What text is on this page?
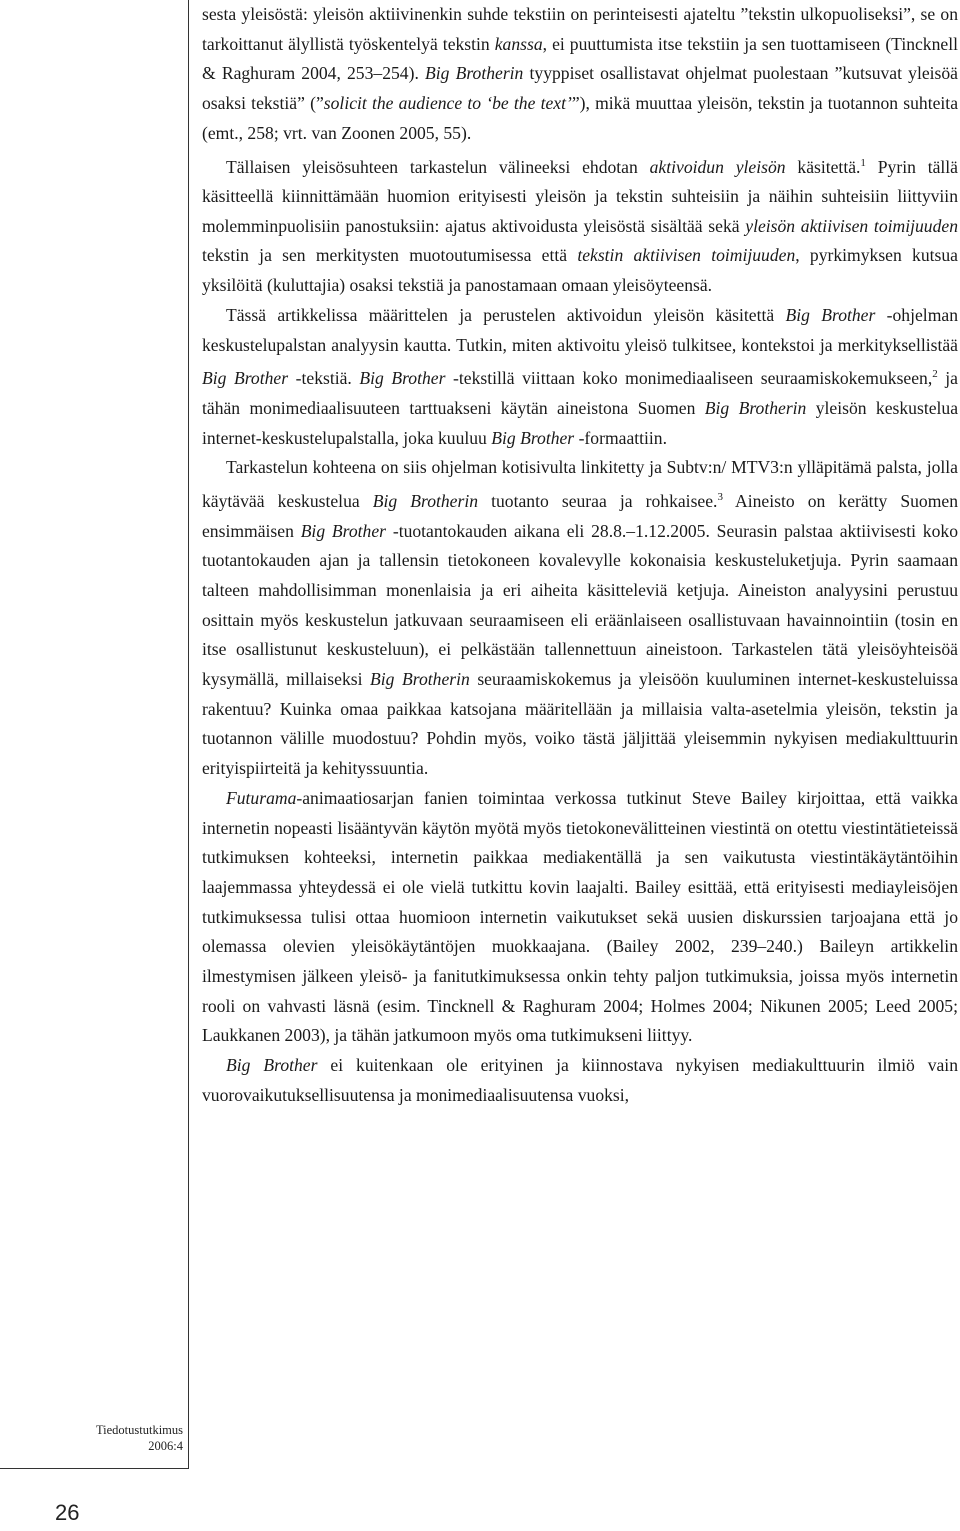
Tiedotustutkimus
2006:4
26

sesta yleisöstä: yleisön aktiivinenkin suhde tekstiin on perinteisesti ajateltu ”tekstin ulkopuoliseksi”, se on tarkoittanut älyllistä työskentelyä tekstin kanssa, ei puuttumista itse tekstiin ja sen tuottamiseen (Tincknell & Raghuram 2004, 253–254). Big Brotherin tyyppiset osallistavat ohjelmat puolestaan ”kutsuvat yleisöä osaksi tekstiä” (”solicit the audience to ‘be the text’”), mikä muuttaa yleisön, tekstin ja tuotannon suhteita (emt., 258; vrt. van Zoonen 2005, 55).

Tällaisen yleisösuhteen tarkastelun välineeksi ehdotan aktivoidun yleisön käsitettä.$^1$ Pyrin tällä käsitteellä kiinnittämään huomion erityisesti yleisön ja tekstin suhteisiin ja näihin suhteisiin liittyviin molemminpuolisiin panostuksiin: ajatus aktivoidusta yleisöstä sisältää sekä yleisön aktiivisen toimijuuden tekstin ja sen merkitysten muotoutumisessa että tekstin aktiivisen toimijuuden, pyrkimyksen kutsua yksilöitä (kuluttajia) osaksi tekstiä ja panostamaan omaan yleisöyteensä.

Tässä artikkelissa määrittelen ja perustelen aktivoidun yleisön käsitettä Big Brother -ohjelman keskustelupalstan analyysin kautta. Tutkin, miten aktivoitu yleisö tulkitsee, kontekstoi ja merkityksellistää Big Brother -tekstiä. Big Brother -tekstillä viittaan koko monimediaaliseen seuraamiskokemukseen,$^2$ ja tähän monimediaalisuuteen tarttuakseni käytän aineistona Suomen Big Brotherin yleisön keskustelua internet-keskustelupalstalla, joka kuuluu Big Brother -formaattiin.

Tarkastelun kohteena on siis ohjelman kotisivulta linkitetty ja Subtv:n/ MTV3:n ylläpitämä palsta, jolla käytävää keskustelua Big Brotherin tuotanto seuraa ja rohkaisee.$^3$ Aineisto on kerätty Suomen ensimmäisen Big Brother -tuotantokauden aikana eli 28.8.–1.12.2005. Seurasin palstaa aktiivisesti koko tuotantokauden ajan ja tallensin tietokoneen kovalevylle kokonaisia keskusteluketjuja. Pyrin saamaan talteen mahdollisimman monenlaisia ja eri aiheita käsitteleviä ketjuja. Aineiston analyysini perustuu osittain myös keskustelun jatkuvaan seuraamiseen eli eräänlaiseen osallistuvaan havainnointiin (tosin en itse osallistunut keskusteluun), ei pelkästään tallennettuun aineistoon. Tarkastelen tätä yleisöyhteisöä kysymällä, millaiseksi Big Brotherin seuraamiskokemus ja yleisöön kuuluminen internet-keskusteluissa rakentuu? Kuinka omaa paikkaa katsojana määritellään ja millaisia valta-asetelmia yleisön, tekstin ja tuotannon välille muodostuu? Pohdin myös, voiko tästä jäljittää yleisemmin nykyisen mediakulttuurin erityispiirteitä ja kehityssuuntia.

Futurama-animaatiosarjan fanien toimintaa verkossa tutkinut Steve Bailey kirjoittaa, että vaikka internetin nopeasti lisääntyvän käytön myötä myös tietokonevälitteinen viestintä on otettu viestintätieteissä tutkimuksen kohteeksi, internetin paikkaa mediakentällä ja sen vaikutusta viestintäkäytäntöihin laajemmassa yhteydessä ei ole vielä tutkittu kovin laajalti. Bailey esittää, että erityisesti mediayleisöjen tutkimuksessa tulisi ottaa huomioon internetin vaikutukset sekä uusien diskurssien tarjoajana että jo olemassa olevien yleisökäytäntöjen muokkaajana. (Bailey 2002, 239–240.) Baileyn artikkelin ilmestymisen jälkeen yleisö- ja fanitutkimuksessa onkin tehty paljon tutkimuksia, joissa myös internetin rooli on vahvasti läsnä (esim. Tincknell & Raghuram 2004; Holmes 2004; Nikunen 2005; Leed 2005; Laukkanen 2003), ja tähän jatkumoon myös oma tutkimukseni liittyy.

Big Brother ei kuitenkaan ole erityinen ja kiinnostava nykyisen mediakulttuurin ilmiö vain vuorovaikutuksellisuutensa ja monimediaalisuutensa vuoksi,
